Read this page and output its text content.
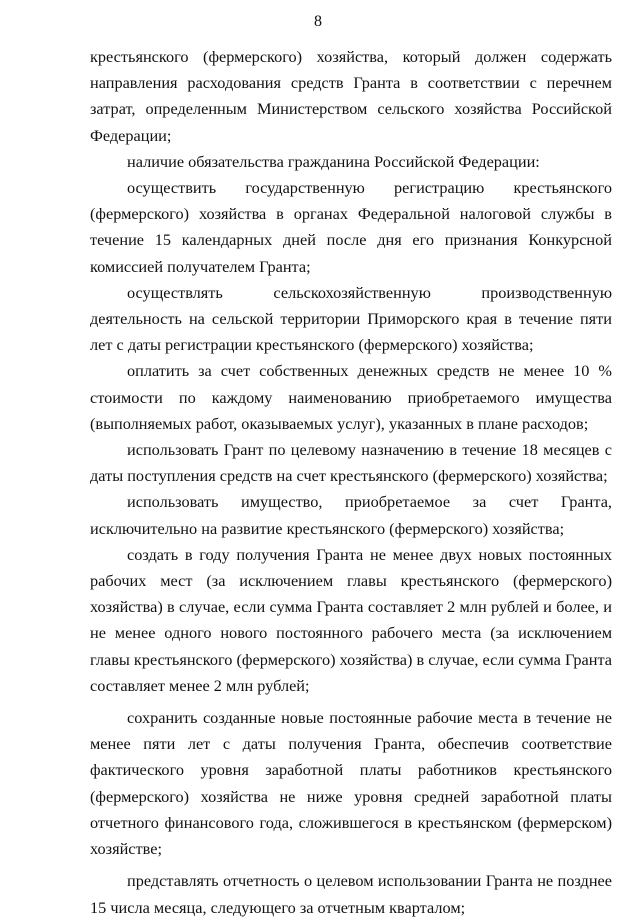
8

крестьянского (фермерского) хозяйства, который должен содержать направления расходования средств Гранта в соответствии с перечнем затрат, определенным Министерством сельского хозяйства Российской Федерации;

наличие обязательства гражданина Российской Федерации:

осуществить государственную регистрацию крестьянского (фермерского) хозяйства в органах Федеральной налоговой службы в течение 15 календарных дней после дня его признания Конкурсной комиссией получателем Гранта;

осуществлять сельскохозяйственную производственную деятельность на сельской территории Приморского края в течение пяти лет с даты регистрации крестьянского (фермерского) хозяйства;

оплатить за счет собственных денежных средств не менее 10 % стоимости по каждому наименованию приобретаемого имущества (выполняемых работ, оказываемых услуг), указанных в плане расходов;

использовать Грант по целевому назначению в течение 18 месяцев с даты поступления средств на счет крестьянского (фермерского) хозяйства;

использовать имущество, приобретаемое за счет Гранта, исключительно на развитие крестьянского (фермерского) хозяйства;

создать в году получения Гранта не менее двух новых постоянных рабочих мест (за исключением главы крестьянского (фермерского) хозяйства) в случае, если сумма Гранта составляет 2 млн рублей и более, и не менее одного нового постоянного рабочего места (за исключением главы крестьянского (фермерского) хозяйства) в случае, если сумма Гранта составляет менее 2 млн рублей;

сохранить созданные новые постоянные рабочие места в течение не менее пяти лет с даты получения Гранта, обеспечив соответствие фактического уровня заработной платы работников крестьянского (фермерского) хозяйства не ниже уровня средней заработной платы отчетного финансового года, сложившегося в крестьянском (фермерском) хозяйстве;

представлять отчетность о целевом использовании Гранта не позднее 15 числа месяца, следующего за отчетным кварталом;
